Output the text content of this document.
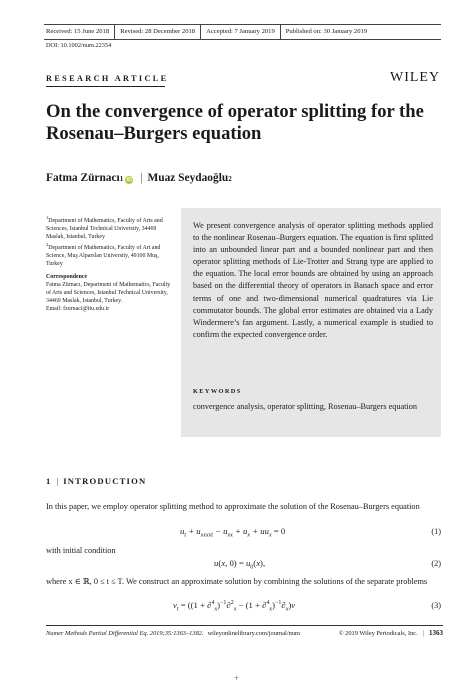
Received: 15 June 2018	Revised: 28 December 2018	Accepted: 7 January 2019	Published on: 30 January 2019
DOI: 10.1002/num.22354
RESEARCH ARTICLE	WILEY
On the convergence of operator splitting for the Rosenau–Burgers equation
Fatma Zürnacı 1 iD | Muaz Seydaoğlu 2

$^1$Department of Mathematics, Faculty of Arts and Sciences, Istanbul Technical University, 34469 Maslak, Istanbul, Turkey

$^2$Department of Mathematics, Faculty of Art and Science, Muş Alparslan University, 49100 Muş, Turkey

Correspondence

Fatma Zürnacı, Department of Mathematics, Faculty of Arts and Sciences, Istanbul Technical University, 34469 Maslak, Istanbul, Turkey.

Email: fzurnaci@itu.edu.tr

We present convergence analysis of operator splitting methods applied to the nonlinear Rosenau–Burgers equation. The equation is first splitted into an unbounded linear part and a bounded nonlinear part and then operator splitting methods of Lie-Trotter and Strang type are applied to the equation. The local error bounds are obtained by using an approach based on the differential theory of operators in Banach space and error terms of one and two-dimensional numerical quadratures via Lie commutator bounds. The global error estimates are obtained via a Lady Windermere’s fan argument. Lastly, a numerical example is studied to confirm the expected convergence order.

KEYWORDS

convergence analysis, operator splitting, Rosenau–Burgers equation

1 | INTRODUCTION

In this paper, we employ operator splitting method to approximate the solution of the Rosenau–Burgers equation

$u_t + u_{xxxxt} - u_{xx} + u_x + uu_x = 0$	(1)

with initial condition

u(x, $0) = u_0(x)$,	(2)

where x ∈ ℝ, 0 ≤ t ≤ T. We construct an approximate solution by combining the solutions of the separate problems

$v_t = ((1 + \partial^4_x)^{-1}\partial^2_x - (1 + \partial^4_x)^{-1}\partial_x)v$	(3)
Numer Methods Partial Differential Eq. 2019;35:1363–1382. wileyonlinelibrary.com/journal/num	© 2019 Wiley Periodicals, Inc. | 1363
+
